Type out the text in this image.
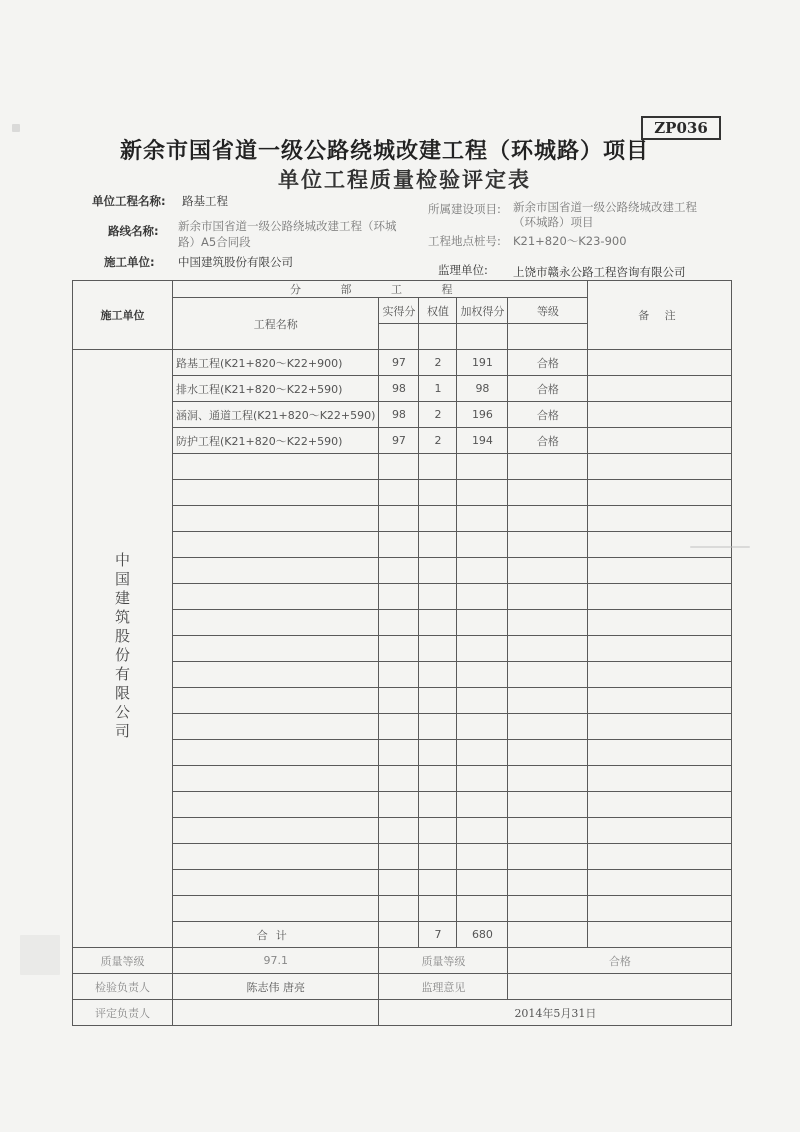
ZP036
新余市国省道一级公路绕城改建工程（环城路）项目
单位工程质量检验评定表
单位工程名称: 路基工程
路线名称: 新余市国省道一级公路绕城改建工程（环城
路）A5合同段
施工单位: 中国建筑股份有限公司
所属建设项目: 新余市国省道一级公路绕城改建工程
（环城路）项目
工程地点桩号: K21+820～K23-900
监理单位: 上饶市赣永公路工程咨询有限公司
施工单位	分 部 工 程					备 注
	工程名称	实得分	权值	加权得分	等级	

中国建筑股份有限公司	路基工程(K21+820～K22+900)	97	2	191	合格	
	排水工程(K21+820～K22+590)	98	1	98	合格	
	涵洞、通道工程(K21+820～K22+590)	98	2	196	合格	
	防护工程(K21+820～K22+590)	97	2	194	合格	

	合计		7	680		
质量等级	97.1	质量等级			合格	
检验负责人	陈志伟 唐亮	监理意见				
评定负责人		2014年5月31日				
